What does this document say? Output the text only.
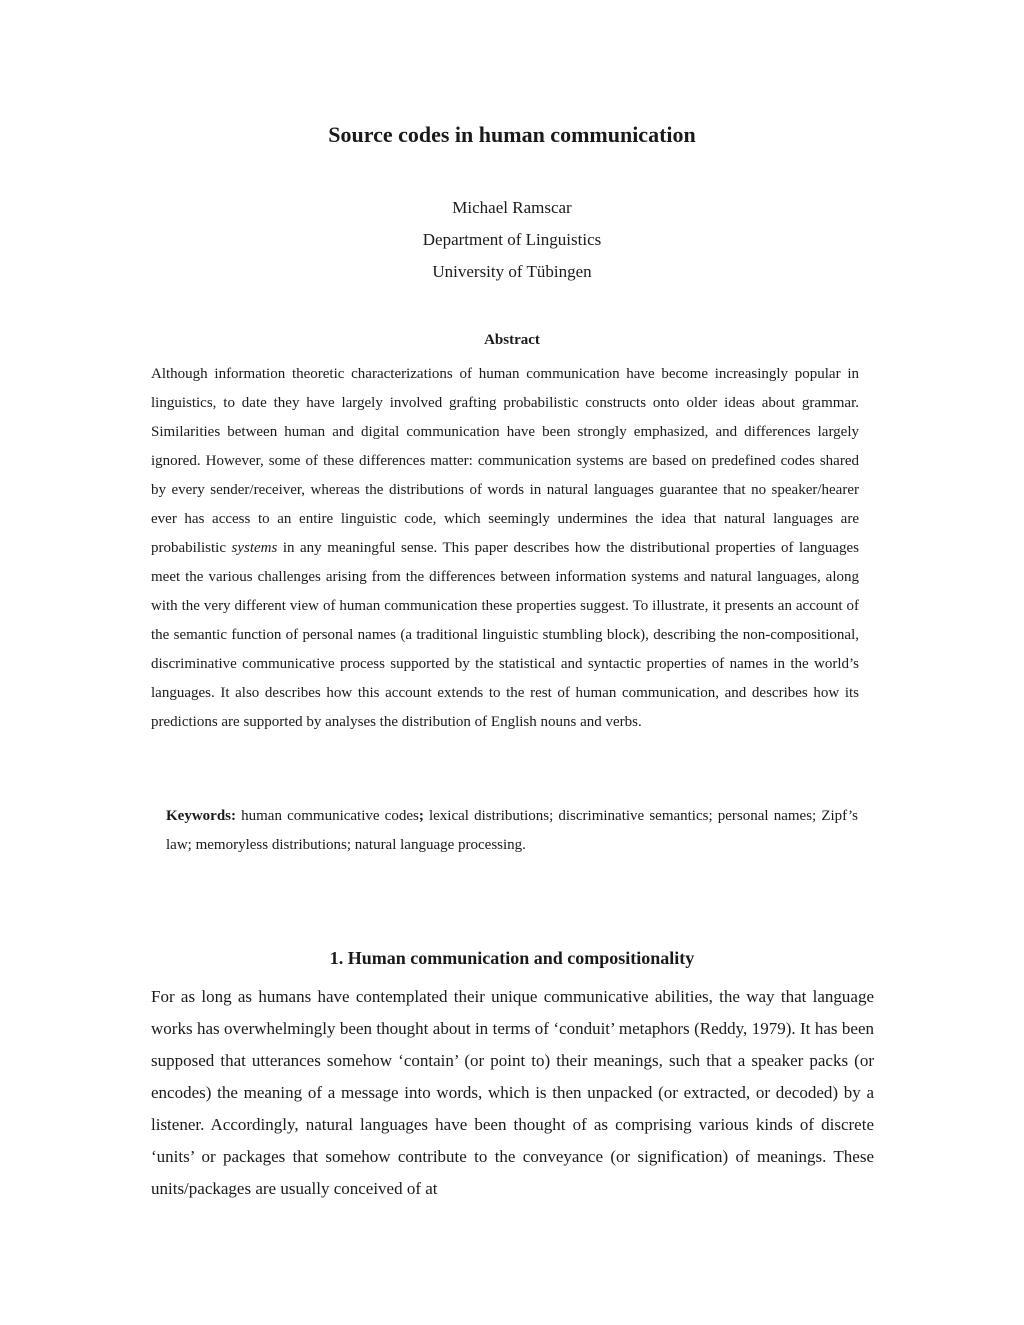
Source codes in human communication
Michael Ramscar
Department of Linguistics
University of Tübingen
Abstract

Although information theoretic characterizations of human communication have become increasingly popular in linguistics, to date they have largely involved grafting probabilistic constructs onto older ideas about grammar. Similarities between human and digital communication have been strongly emphasized, and differences largely ignored. However, some of these differences matter: communication systems are based on predefined codes shared by every sender/receiver, whereas the distributions of words in natural languages guarantee that no speaker/hearer ever has access to an entire linguistic code, which seemingly undermines the idea that natural languages are probabilistic systems in any meaningful sense. This paper describes how the distributional properties of languages meet the various challenges arising from the differences between information systems and natural languages, along with the very different view of human communication these properties suggest. To illustrate, it presents an account of the semantic function of personal names (a traditional linguistic stumbling block), describing the non-compositional, discriminative communicative process supported by the statistical and syntactic properties of names in the world’s languages. It also describes how this account extends to the rest of human communication, and describes how its predictions are supported by analyses the distribution of English nouns and verbs.

Keywords: human communicative codes; lexical distributions; discriminative semantics; personal names; Zipf’s law; memoryless distributions; natural language processing.

1. Human communication and compositionality

For as long as humans have contemplated their unique communicative abilities, the way that language works has overwhelmingly been thought about in terms of ‘conduit’ metaphors (Reddy, 1979). It has been supposed that utterances somehow ‘contain’ (or point to) their meanings, such that a speaker packs (or encodes) the meaning of a message into words, which is then unpacked (or extracted, or decoded) by a listener. Accordingly, natural languages have been thought of as comprising various kinds of discrete ‘units’ or packages that somehow contribute to the conveyance (or signification) of meanings. These units/packages are usually conceived of at
